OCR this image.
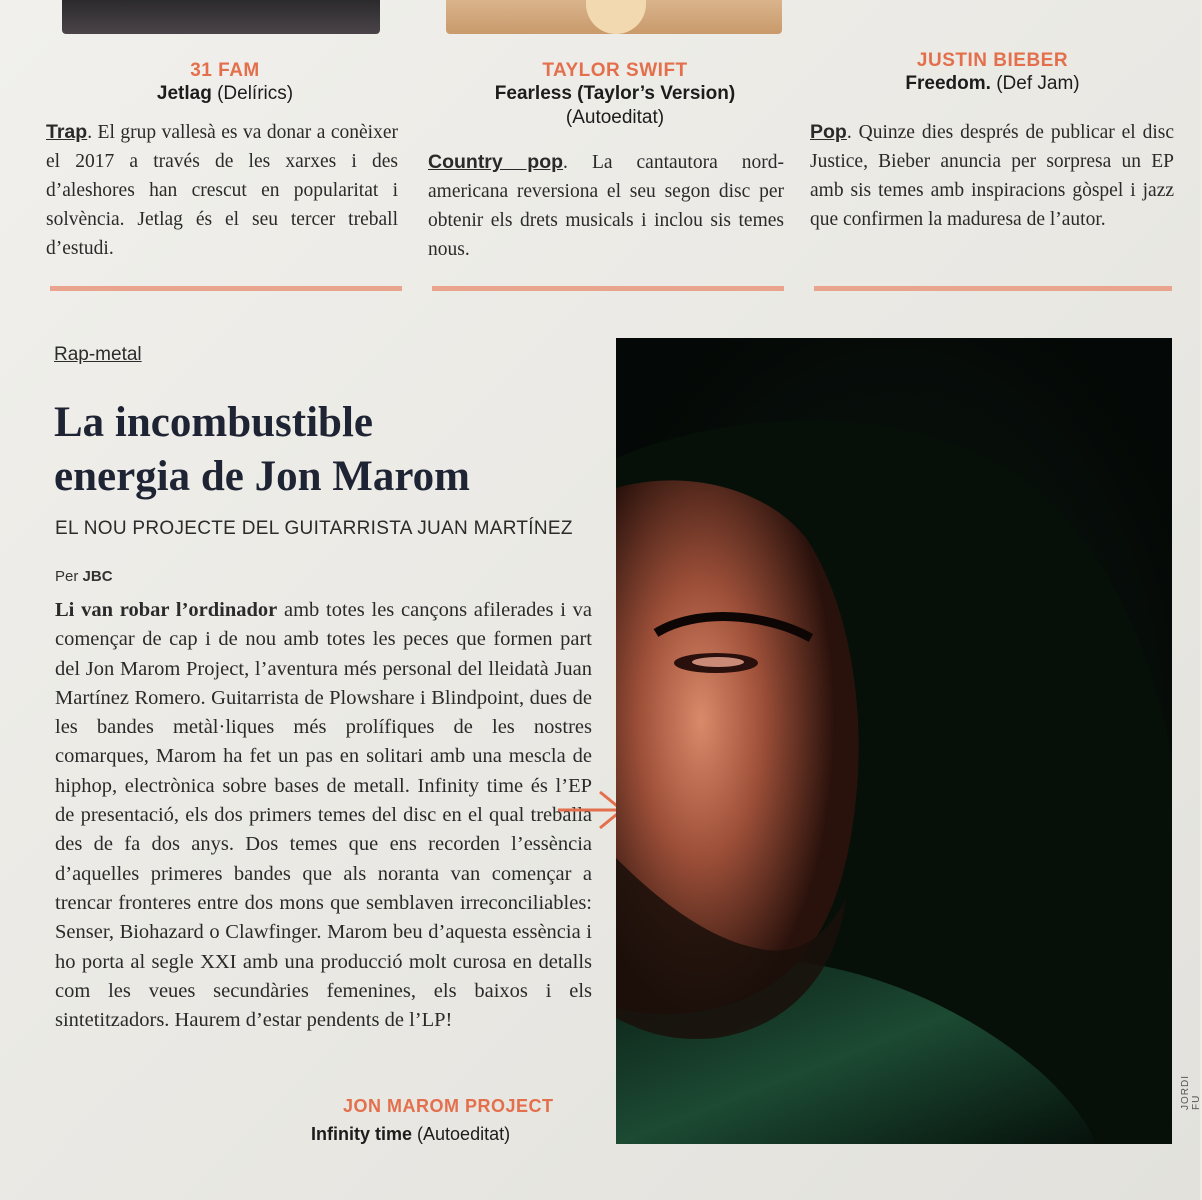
31 FAM
Jetlag (Delírics)
Trap. El grup vallesà es va donar a conèixer el 2017 a través de les xarxes i des d’aleshores han crescut en popularitat i solvència. Jetlag és el seu tercer treball d’estudi.
TAYLOR SWIFT
Fearless (Taylor’s Version)
(Autoeditat)
Country pop. La cantautora nord-americana reversiona el seu segon disc per obtenir els drets musicals i inclou sis temes nous.
JUSTIN BIEBER
Freedom. (Def Jam)
Pop. Quinze dies després de publicar el disc Justice, Bieber anuncia per sorpresa un EP amb sis temes amb inspiracions gòspel i jazz que confirmen la maduresa de l’autor.
Rap-metal
La incombustible
energia de Jon Marom
EL NOU PROJECTE DEL GUITARRISTA JUAN MARTÍNEZ
Per JBC
Li van robar l’ordinador amb totes les cançons afilerades i va començar de cap i de nou amb totes les peces que formen part del Jon Marom Project, l’aventura més personal del lleidatà Juan Martínez Romero. Guitarrista de Plowshare i Blindpoint, dues de les bandes metàl·liques més prolífiques de les nostres comarques, Marom ha fet un pas en solitari amb una mescla de hiphop, electrònica sobre bases de metall. Infinity time és l’EP de presentació, els dos primers temes del disc en el qual treballa des de fa dos anys. Dos temes que ens recorden l’essència d’aquelles primeres bandes que als noranta van començar a trencar fronteres entre dos mons que semblaven irreconciliables: Senser, Biohazard o Clawfinger. Marom beu d’aquesta essència i ho porta al segle XXI amb una producció molt curosa en detalls com les veues secundàries femenines, els baixos i els sintetitzadors. Haurem d’estar pendents de l’LP!
JON MAROM PROJECT
Infinity time (Autoeditat)
JORDI FU
